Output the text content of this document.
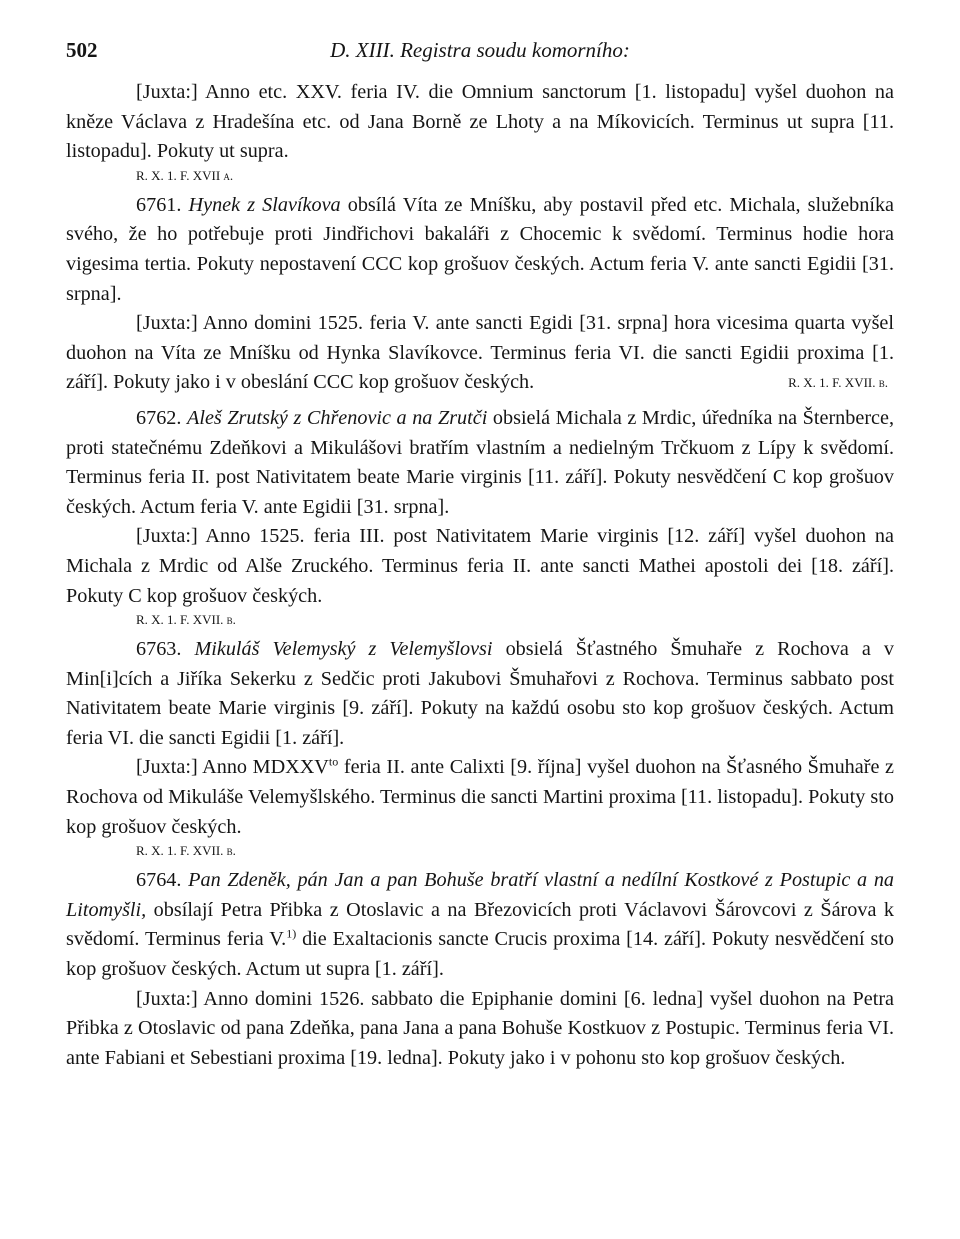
502	D. XIII. Registra soudu komorního:

[Juxta:] Anno etc. XXV. feria IV. die Omnium sanctorum [1. listopadu] vyšel duohon na kněze Václava z Hradešína etc. od Jana Borně ze Lhoty a na Míkovicích. Terminus ut supra [11. listopadu]. Pokuty ut supra.

R. X. 1. F. XVII a.

6761. Hynek z Slavíkova obsílá Víta ze Mníšku, aby postavil před etc. Michala, služebníka svého, že ho potřebuje proti Jindřichovi bakaláři z Chocemic k svědomí. Terminus hodie hora vigesima tertia. Pokuty nepostavení CCC kop grošuov českých. Actum feria V. ante sancti Egidii [31. srpna].

[Juxta:] Anno domini 1525. feria V. ante sancti Egidi [31. srpna] hora vicesima quarta vyšel duohon na Víta ze Mníšku od Hynka Slavíkovce. Terminus feria VI. die sancti Egidii proxima [1. září]. Pokuty jako i v obeslání CCC kop grošuov českých.	R. X. 1. F. XVII. b.

6762. Aleš Zrutský z Chřenovic a na Zrutči obsielá Michala z Mrdic, úředníka na Šternberce, proti statečnému Zdeňkovi a Mikulášovi bratřím vlastním a nedielným Trčkuom z Lípy k svědomí. Terminus feria II. post Nativitatem beate Marie virginis [11. září]. Pokuty nesvědčení C kop grošuov českých. Actum feria V. ante Egidii [31. srpna].

[Juxta:] Anno 1525. feria III. post Nativitatem Marie virginis [12. září] vyšel duohon na Michala z Mrdic od Alše Zruckého. Terminus feria II. ante sancti Mathei apostoli dei [18. září]. Pokuty C kop grošuov českých.

R. X. 1. F. XVII. b.

6763. Mikuláš Velemyský z Velemyšlovsi obsielá Šťastného Šmuhaře z Rochova a v Min[i]cích a Jiříka Sekerku z Sedčic proti Jakubovi Šmuhařovi z Rochova. Terminus sabbato post Nativitatem beate Marie virginis [9. září]. Pokuty na každú osobu sto kop grošuov českých. Actum feria VI. die sancti Egidii [1. září].

[Juxta:] Anno $MDXXV^{to}$ feria II. ante Calixti [9. října] vyšel duohon na Šťasného Šmuhaře z Rochova od Mikuláše Velemyšlského. Terminus die sancti Martini proxima [11. listopadu]. Pokuty sto kop grošuov českých.

R. X. 1. F. XVII. b.

6764. Pan Zdeněk, pán Jan a pan Bohuše bratří vlastní a nedílní Kostkové z Postupic a na Litomyšli, obsílají Petra Přibka z Otoslavic a na Březovicích proti Václavovi Šárovcovi z Šárova k svědomí. Terminus feria V.$^{1)}$ die Exaltacionis sancte Crucis proxima [14. září]. Pokuty nesvědčení sto kop grošuov českých. Actum ut supra [1. září].

[Juxta:] Anno domini 1526. sabbato die Epiphanie domini [6. ledna] vyšel duohon na Petra Přibka z Otoslavic od pana Zdeňka, pana Jana a pana Bohuše Kostkuov z Postupic. Terminus feria VI. ante Fabiani et Sebestiani proxima [19. ledna]. Pokuty jako i v pohonu sto kop grošuov českých.
